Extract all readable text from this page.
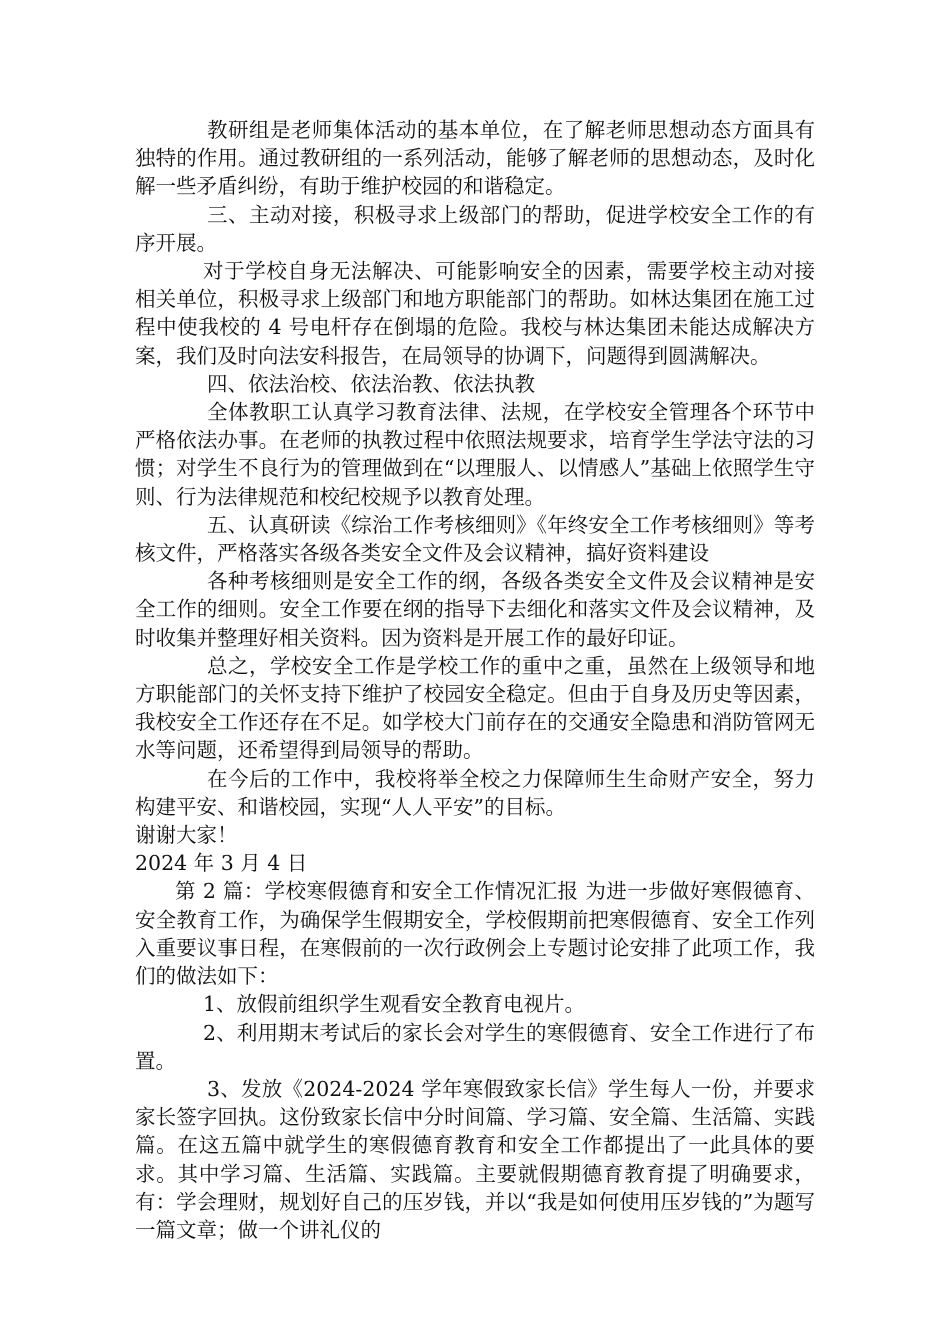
教研组是老师集体活动的基本单位，在了解老师思想动态方面具有独特的作用。通过教研组的一系列活动，能够了解老师的思想动态，及时化解一些矛盾纠纷，有助于维护校园的和谐稳定。

三、主动对接，积极寻求上级部门的帮助，促进学校安全工作的有序开展。

对于学校自身无法解决、可能影响安全的因素，需要学校主动对接相关单位，积极寻求上级部门和地方职能部门的帮助。如林达集团在施工过程中使我校的 4 号电杆存在倒塌的危险。我校与林达集团未能达成解决方案，我们及时向法安科报告，在局领导的协调下，问题得到圆满解决。

四、依法治校、依法治教、依法执教

全体教职工认真学习教育法律、法规，在学校安全管理各个环节中严格依法办事。在老师的执教过程中依照法规要求，培育学生学法守法的习惯；对学生不良行为的管理做到在“以理服人、以情感人”基础上依照学生守则、行为法律规范和校纪校规予以教育处理。

五、认真研读《综治工作考核细则》《年终安全工作考核细则》等考核文件，严格落实各级各类安全文件及会议精神，搞好资料建设

各种考核细则是安全工作的纲，各级各类安全文件及会议精神是安全工作的细则。安全工作要在纲的指导下去细化和落实文件及会议精神，及时收集并整理好相关资料。因为资料是开展工作的最好印证。

总之，学校安全工作是学校工作的重中之重，虽然在上级领导和地方职能部门的关怀支持下维护了校园安全稳定。但由于自身及历史等因素，我校安全工作还存在不足。如学校大门前存在的交通安全隐患和消防管网无水等问题，还希望得到局领导的帮助。

在今后的工作中，我校将举全校之力保障师生生命财产安全，努力构建平安、和谐校园，实现“人人平安”的目标。

谢谢大家！

2024 年 3 月 4 日

第 2 篇：学校寒假德育和安全工作情况汇报 为进一步做好寒假德育、安全教育工作，为确保学生假期安全，学校假期前把寒假德育、安全工作列入重要议事日程，在寒假前的一次行政例会上专题讨论安排了此项工作，我们的做法如下：

1、放假前组织学生观看安全教育电视片。

2、利用期末考试后的家长会对学生的寒假德育、安全工作进行了布置。

3、发放《2024-2024 学年寒假致家长信》学生每人一份，并要求家长签字回执。这份致家长信中分时间篇、学习篇、安全篇、生活篇、实践篇。在这五篇中就学生的寒假德育教育和安全工作都提出了一此具体的要求。其中学习篇、生活篇、实践篇。主要就假期德育教育提了明确要求，有：学会理财，规划好自己的压岁钱，并以“我是如何使用压岁钱的”为题写一篇文章；做一个讲礼仪的
